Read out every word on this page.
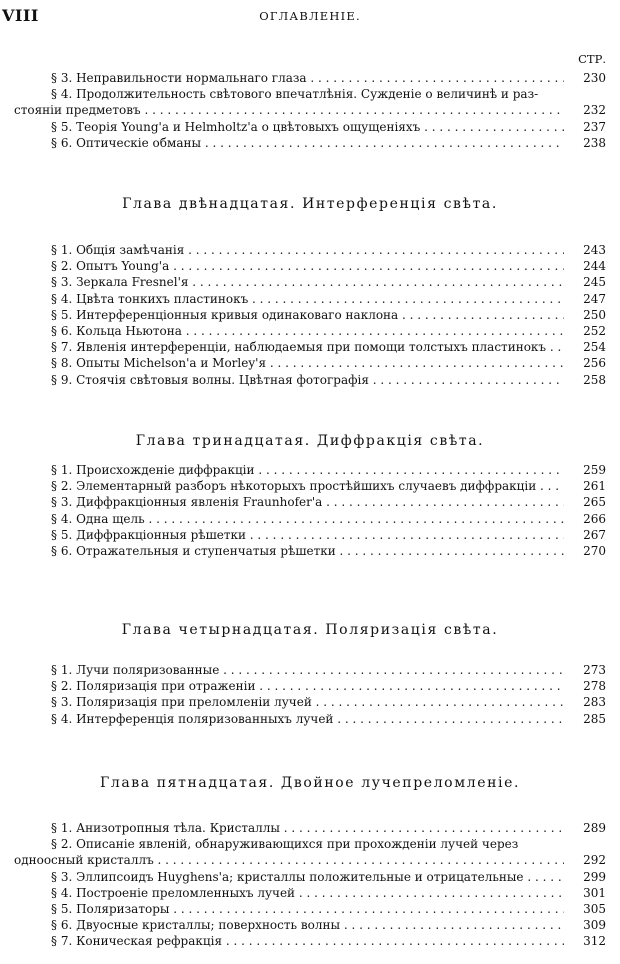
VIII	ОГЛАВЛЕНІЕ.
СТР.
§ 3. Неправильности нормальнаго глаза . . .	230
§ 4. Продолжительность свѣтового впечатлѣнія. Сужденіе о величинѣ и раз-
стояніи предметовъ . . .	232
§ 5. Теорія Young'a и Helmholtz'a о цвѣтовыхъ ощущеніяхъ . . .	237
§ 6. Оптическіе обманы . . .	238
Глава двѣнадцатая. Интерференція свѣта.
§ 1. Общія замѣчанія . . .	243
§ 2. Опытъ Young'a . . .	244
§ 3. Зеркала Fresnel'я . . .	245
§ 4. Цвѣта тонкихъ пластинокъ . . .	247
§ 5. Интерференціонныя кривыя одинаковаго наклона . . .	250
§ 6. Кольца Ньютона . . .	252
§ 7. Явленія интерференціи, наблюдаемыя при помощи толстыхъ пластинокъ . . .	254
§ 8. Опыты Michelson'a и Morley'я . . .	256
§ 9. Стоячія свѣтовыя волны. Цвѣтная фотографія . . .	258
Глава тринадцатая. Диффракція свѣта.
§ 1. Происхожденіе диффракціи . . .	259
§ 2. Элементарный разборъ нѣкоторыхъ простѣйшихъ случаевъ диффракціи . . .	261
§ 3. Диффракціонныя явленія Fraunhofer'a . . .	265
§ 4. Одна щель . . .	266
§ 5. Диффракціонныя рѣшетки . . .	267
§ 6. Отражательныя и ступенчатыя рѣшетки . . .	270
Глава четырнадцатая. Поляризація свѣта.
§ 1. Лучи поляризованные . . .	273
§ 2. Поляризація при отраженіи . . .	278
§ 3. Поляризація при преломленіи лучей . . .	283
§ 4. Интерференція поляризованныхъ лучей . . .	285
Глава пятнадцатая. Двойное лучепреломленіе.
§ 1. Анизотропныя тѣла. Кристаллы . . .	289
§ 2. Описаніе явленій, обнаруживающихся при прохожденіи лучей через
одноосный кристаллъ . . .	292
§ 3. Эллипсоидъ Huyghens'a; кристаллы положительные и отрицательные . . .	299
§ 4. Построеніе преломленныхъ лучей . . .	301
§ 5. Поляризаторы . . .	305
§ 6. Двуосные кристаллы; поверхность волны . . .	309
§ 7. Коническая рефракція . . .	312
